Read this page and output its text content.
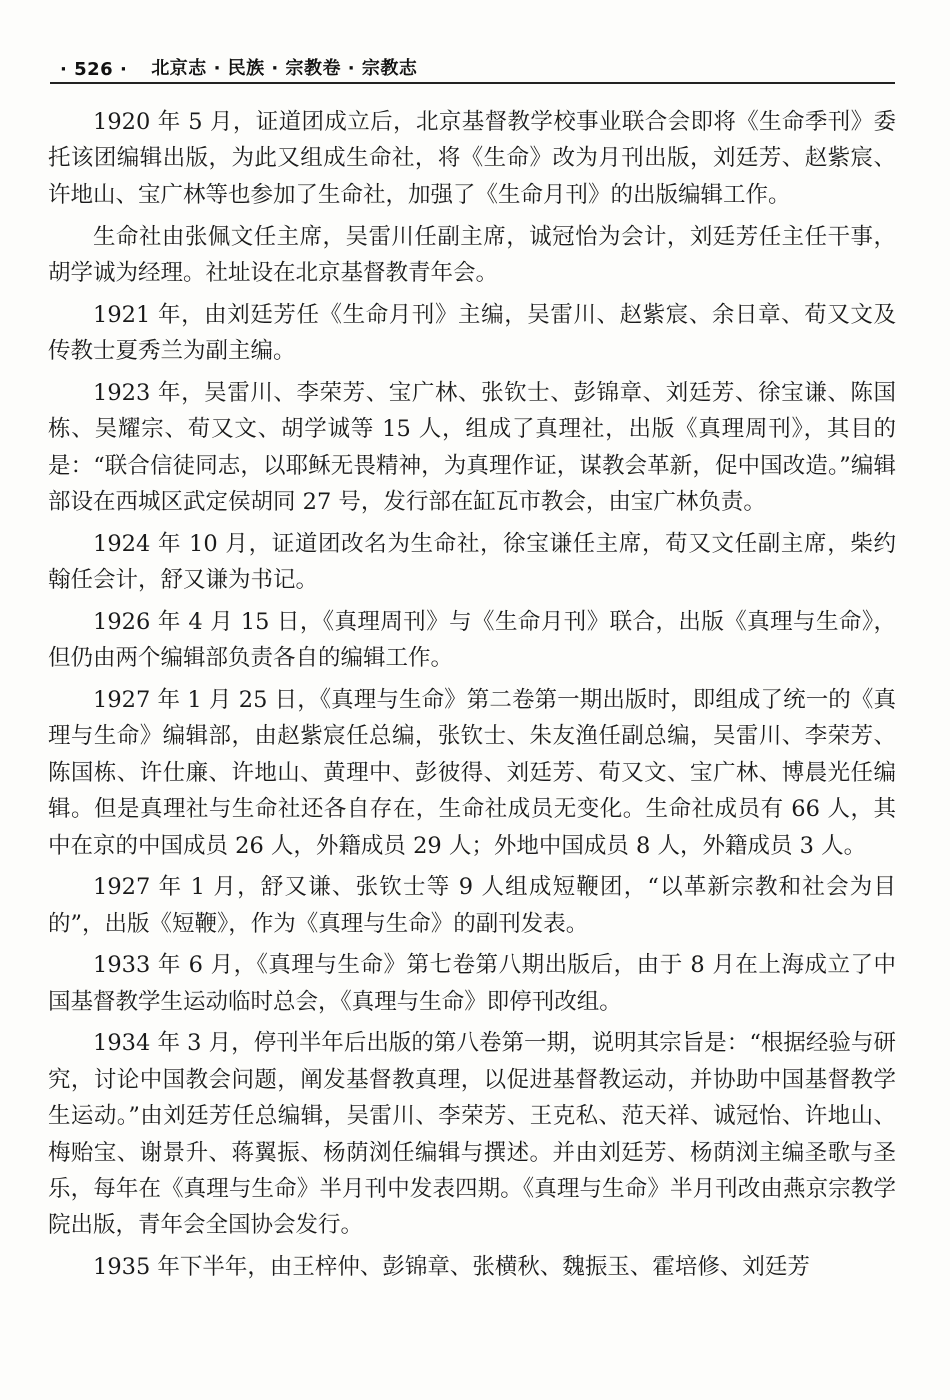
· 526 · 北京志 · 民族 · 宗教卷 · 宗教志

1920 年 5 月，证道团成立后，北京基督教学校事业联合会即将《生命季刊》委托该团编辑出版，为此又组成生命社，将《生命》改为月刊出版，刘廷芳、赵紫宸、许地山、宝广林等也参加了生命社，加强了《生命月刊》的出版编辑工作。

生命社由张佩文任主席，吴雷川任副主席，诚冠怡为会计，刘廷芳任主任干事，胡学诚为经理。社址设在北京基督教青年会。

1921 年，由刘廷芳任《生命月刊》主编，吴雷川、赵紫宸、余日章、荀又文及传教士夏秀兰为副主编。

1923 年，吴雷川、李荣芳、宝广林、张钦士、彭锦章、刘廷芳、徐宝谦、陈国栋、吴耀宗、荀又文、胡学诚等 15 人，组成了真理社，出版《真理周刊》，其目的是：“联合信徒同志，以耶稣无畏精神，为真理作证，谋教会革新，促中国改造。”编辑部设在西城区武定侯胡同 27 号，发行部在缸瓦市教会，由宝广林负责。

1924 年 10 月，证道团改名为生命社，徐宝谦任主席，荀又文任副主席，柴约翰任会计，舒又谦为书记。

1926 年 4 月 15 日，《真理周刊》与《生命月刊》联合，出版《真理与生命》，但仍由两个编辑部负责各自的编辑工作。

1927 年 1 月 25 日，《真理与生命》第二卷第一期出版时，即组成了统一的《真理与生命》编辑部，由赵紫宸任总编，张钦士、朱友渔任副总编，吴雷川、李荣芳、陈国栋、许仕廉、许地山、黄理中、彭彼得、刘廷芳、荀又文、宝广林、博晨光任编辑。但是真理社与生命社还各自存在，生命社成员无变化。生命社成员有 66 人，其中在京的中国成员 26 人，外籍成员 29 人；外地中国成员 8 人，外籍成员 3 人。

1927 年 1 月，舒又谦、张钦士等 9 人组成短鞭团，“以革新宗教和社会为目的”，出版《短鞭》，作为《真理与生命》的副刊发表。

1933 年 6 月，《真理与生命》第七卷第八期出版后，由于 8 月在上海成立了中国基督教学生运动临时总会，《真理与生命》即停刊改组。

1934 年 3 月，停刊半年后出版的第八卷第一期，说明其宗旨是：“根据经验与研究，讨论中国教会问题，阐发基督教真理，以促进基督教运动，并协助中国基督教学生运动。”由刘廷芳任总编辑，吴雷川、李荣芳、王克私、范天祥、诚冠怡、许地山、梅贻宝、谢景升、蒋翼振、杨荫浏任编辑与撰述。并由刘廷芳、杨荫浏主编圣歌与圣乐，每年在《真理与生命》半月刊中发表四期。《真理与生命》半月刊改由燕京宗教学院出版，青年会全国协会发行。

1935 年下半年，由王梓仲、彭锦章、张横秋、魏振玉、霍培修、刘廷芳
